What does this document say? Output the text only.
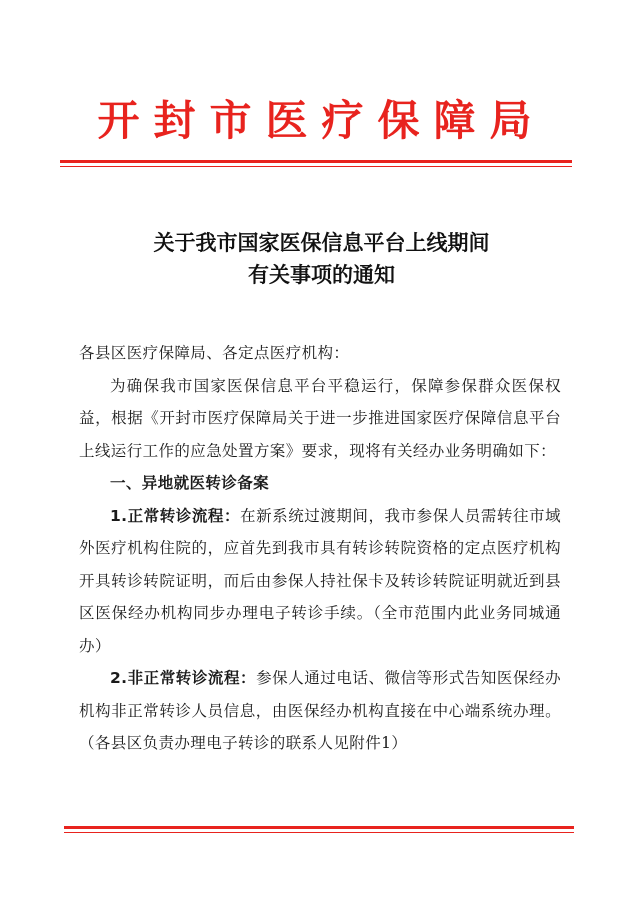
开封市医疗保障局
关于我市国家医保信息平台上线期间
有关事项的通知

各县区医疗保障局、各定点医疗机构：

为确保我市国家医保信息平台平稳运行，保障参保群众医保权益，根据《开封市医疗保障局关于进一步推进国家医疗保障信息平台上线运行工作的应急处置方案》要求，现将有关经办业务明确如下：

一、异地就医转诊备案

1.正常转诊流程：在新系统过渡期间，我市参保人员需转往市域外医疗机构住院的，应首先到我市具有转诊转院资格的定点医疗机构开具转诊转院证明，而后由参保人持社保卡及转诊转院证明就近到县区医保经办机构同步办理电子转诊手续。（全市范围内此业务同城通办）

2.非正常转诊流程：参保人通过电话、微信等形式告知医保经办机构非正常转诊人员信息，由医保经办机构直接在中心端系统办理。（各县区负责办理电子转诊的联系人见附件1）
